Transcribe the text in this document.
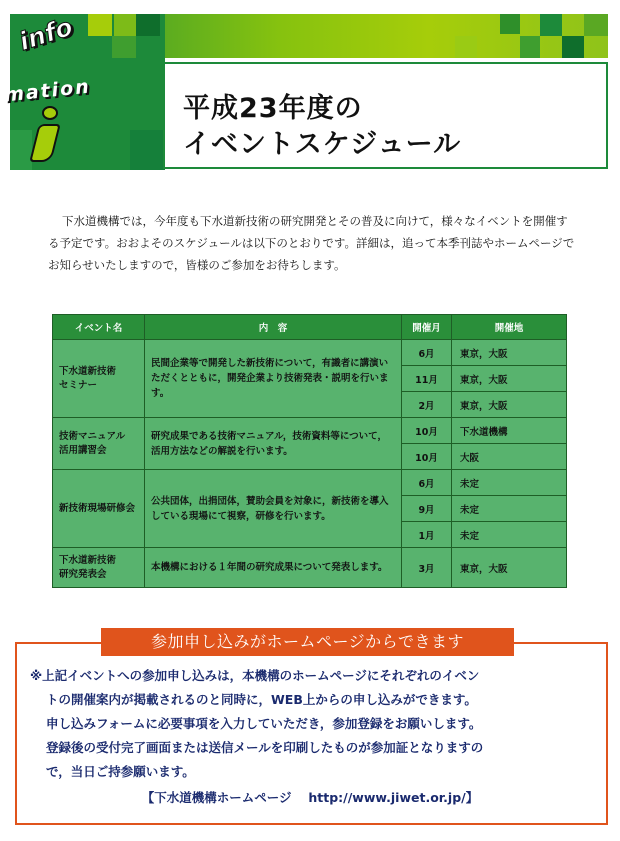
info
mation
平成23年度の
イベントスケジュール

下水道機構では，今年度も下水道新技術の研究開発とその普及に向けて，様々なイベントを開催する予定です。おおよそのスケジュールは以下のとおりです。詳細は，追って本季刊誌やホームページでお知らせいたしますので，皆様のご参加をお待ちします。

イベント名	内　容	開催月	開催地
下水道新技術
セミナー	民間企業等で開発した新技術について，有識者に講演いただくとともに，開発企業より技術発表・説明を行います。	6月	東京，大阪
		11月	東京，大阪
		2月	東京，大阪
技術マニュアル
活用講習会	研究成果である技術マニュアル，技術資料等について，活用方法などの解説を行います。	10月	下水道機構
		10月	大阪
新技術現場研修会	公共団体，出捐団体，賛助会員を対象に，新技術を導入している現場にて視察，研修を行います。	6月	未定
		9月	未定
		1月	未定
下水道新技術
研究発表会	本機構における１年間の研究成果について発表します。	3月	東京，大阪
参加申し込みがホームページからできます
※上記イベントへの参加申し込みは，本機構のホームページにそれぞれのイベン
トの開催案内が掲載されるのと同時に，WEB上からの申し込みができます。
申し込みフォームに必要事項を入力していただき，参加登録をお願いします。
登録後の受付完了画面または送信メールを印刷したものが参加証となりますの
で，当日ご持参願います。
【下水道機構ホームページ　 http://www.jiwet.or.jp/】
